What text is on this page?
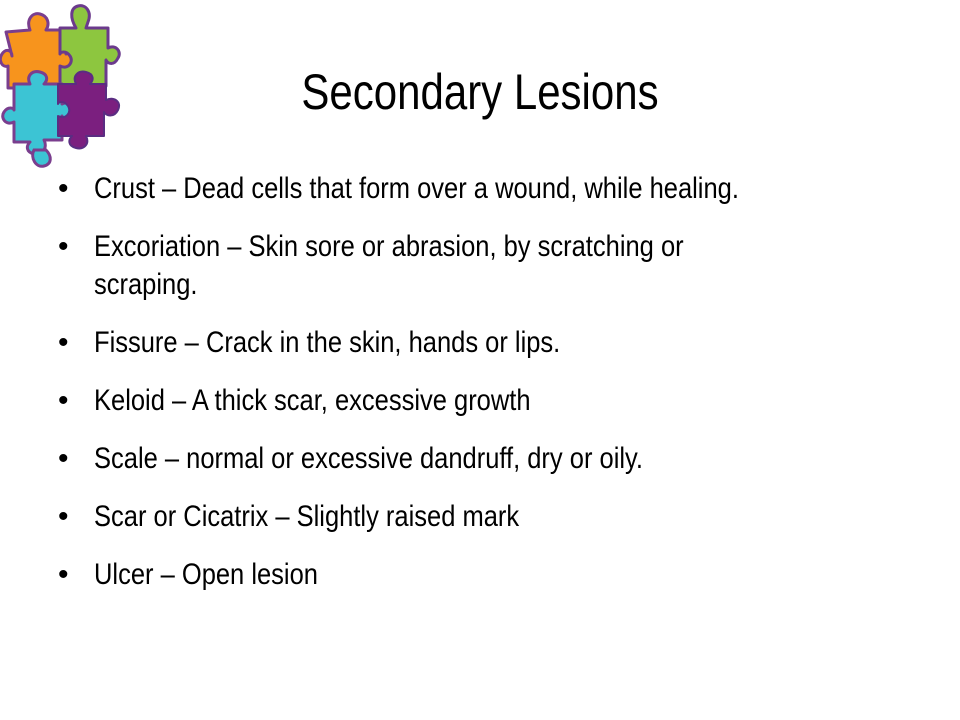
Secondary Lesions
• Crust – Dead cells that form over a wound, while healing.
• Excoriation – Skin sore or abrasion, by scratching or scraping.
• Fissure – Crack in the skin, hands or lips.
• Keloid – A thick scar, excessive growth
• Scale – normal or excessive dandruff, dry or oily.
• Scar or Cicatrix – Slightly raised mark
• Ulcer – Open lesion
